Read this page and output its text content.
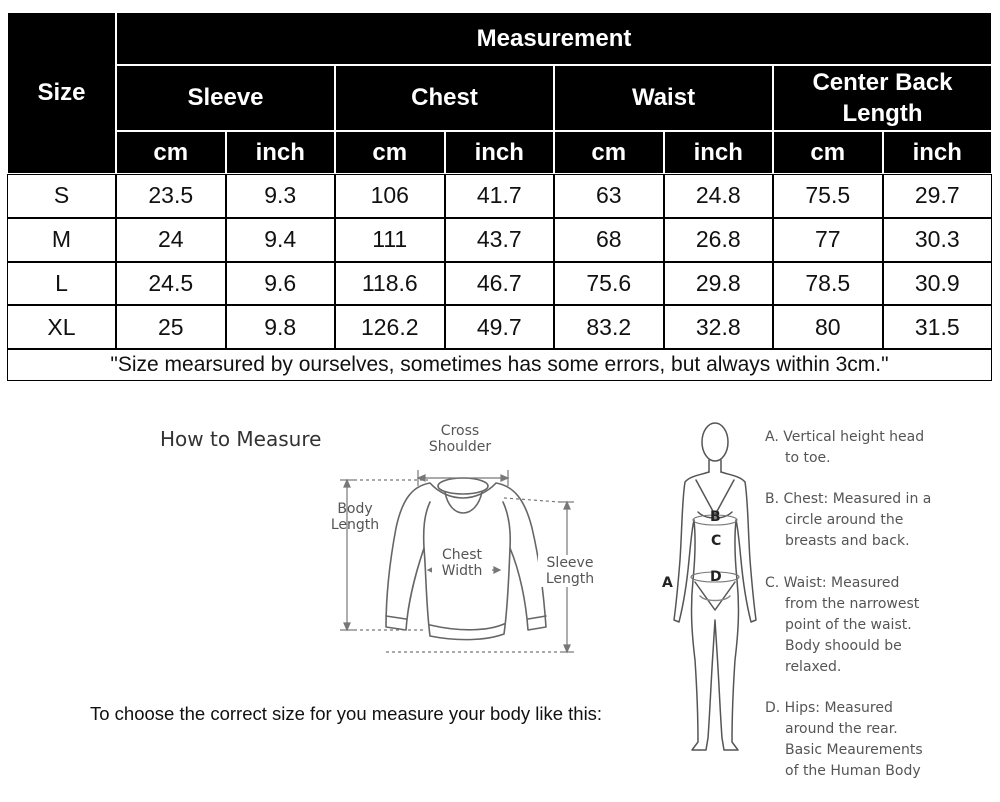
Size
Measurement
Sleeve	Chest	Waist
Center Back Length
cm	inch	cm	inch	cm	inch	cm	inch
S	23.5	9.3	106	41.7	63	24.8	75.5	29.7
M	24	9.4	111	43.7	68	26.8	77	30.3
L	24.5	9.6	118.6	46.7	75.6	29.8	78.5	30.9
XL	25	9.8	126.2	49.7	83.2	32.8	80	31.5
"Size mearsured by ourselves, sometimes has some errors, but always within 3cm."
How to Measure	Cross
Shoulder
Body
Length
Chest
Width	Sleeve
Length
To choose the correct size for you measure your body like this:
A
B
C
D
A. Vertical height head
to toe.
B. Chest: Measured in a
circle around the
breasts and back.
C. Waist: Measured
from the narrowest
point of the waist.
Body shoould be
relaxed.
D. Hips: Measured
around the rear.
Basic Meaurements
of the Human Body
